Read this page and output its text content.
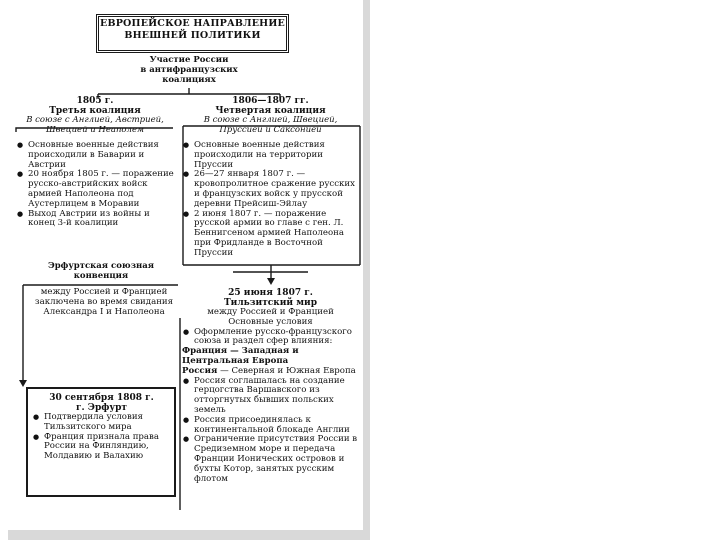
ЕВРОПЕЙСКОЕ НАПРАВЛЕНИЕ
ВНЕШНЕЙ ПОЛИТИКИ
Участие России
в антифранцузских
коалициях
1805 г.
Третья коалиция
В союзе с Англией, Австрией,
Швецией и Неаполем
● Основные военные действия происходили в Баварии и Австрии
● 20 ноября 1805 г. — поражение русско-австрийских войск армией Наполеона под Аустерлицем в Моравии
● Выход Австрии из войны и конец 3-й коалиции
1806—1807 гг.
Четвертая коалиция
В союзе с Англией, Швецией,
Пруссией и Саксонией
● Основные военные действия происходили на территории Пруссии
● 26—27 января 1807 г. — кровопролитное сражение русских и французских войск у прусской деревни Прейсиш-Эйлау
● 2 июня 1807 г. — поражение русской армии во главе с ген. Л. Беннигсеном армией Наполеона при Фридланде в Восточной Пруссии
Эрфуртская союзная
конвенция
между Россией и Францией заключена во время свидания Александра I и Наполеона
25 июня 1807 г.
Тильзитский мир
между Россией и Францией
Основные условия
● Оформление русско-французского союза и раздел сфер влияния:
Франция — Западная и Центральная Европа
Россия — Северная и Южная Европа
● Россия соглашалась на создание герцогства Варшавского из отторгнутых бывших польских земель
● Россия присоединялась к континентальной блокаде Англии
● Ограничение присутствия России в Средиземном море и передача Франции Ионических островов и бухты Котор, занятых русским флотом
30 сентября 1808 г.
г. Эрфурт
● Подтвердила условия Тильзитского мира
● Франция признала права России на Финляндию, Молдавию и Валахию
